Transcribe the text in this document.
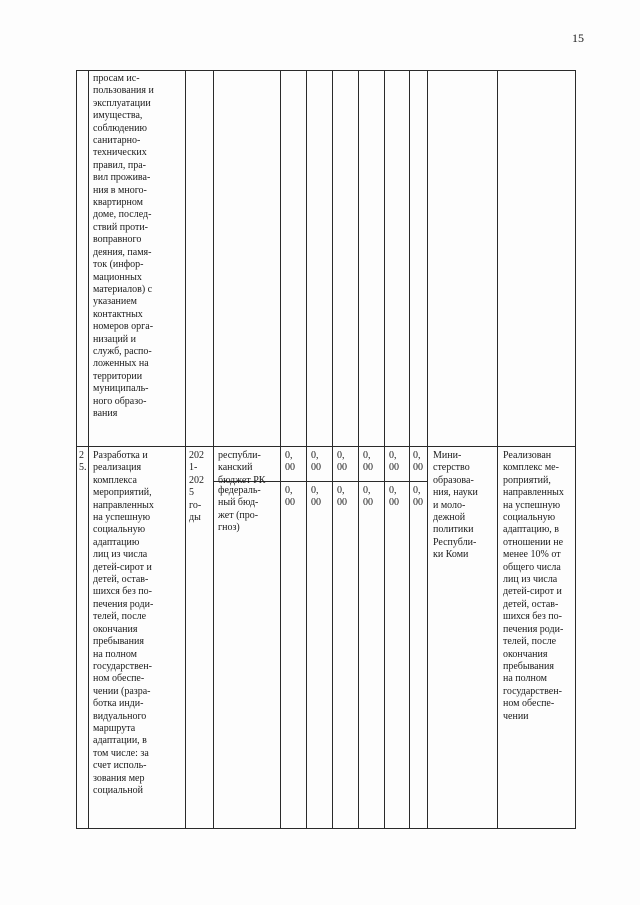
15
просам ис-
пользования и
эксплуатации
имущества,
соблюдению
санитарно-
технических
правил, пра-
вил прожива-
ния в много-
квартирном
доме, послед-
ствий проти-
воправного
деяния, памя-
ток (инфор-
мационных
материалов) с
указанием
контактных
номеров орга-
низаций и
служб, распо-
ложенных на
территории
муниципаль-
ного образо-
вания
2
5.
Разработка и
реализация
комплекса
мероприятий,
направленных
на успешную
социальную
адаптацию
лиц из числа
детей-сирот и
детей, остав-
шихся без по-
печения роди-
телей, после
окончания
пребывания
на полном
государствен-
ном обеспе-
чении (разра-
ботка инди-
видуального
маршрута
адаптации, в
том числе: за
счет исполь-
зования мер
социальной
202
1-
202
5
го-
ды
республи-
канский
бюджет РК
федераль-
ный бюд-
жет (про-
гноз)
0,
00
0,
00
0,
00
0,
00
0,
00
0,
00
0,
00
0,
00
0,
00
0,
00
0,
00
0,
00
Мини-
стерство
образова-
ния, науки
и моло-
дежной
политики
Республи-
ки Коми
Реализован
комплекс ме-
роприятий,
направленных
на успешную
социальную
адаптацию, в
отношении не
менее 10% от
общего числа
лиц из числа
детей-сирот и
детей, остав-
шихся без по-
печения роди-
телей, после
окончания
пребывания
на полном
государствен-
ном обеспе-
чении
